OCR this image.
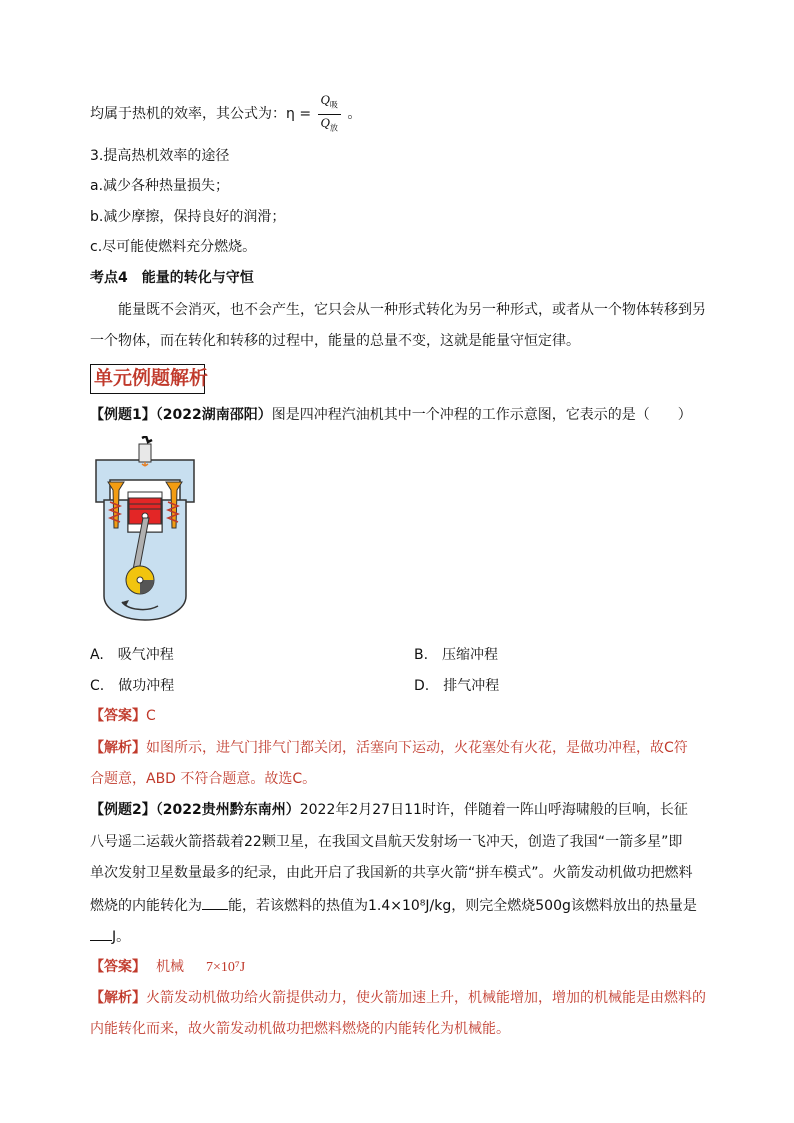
均属于热机的效率，其公式为：$\eta = \frac{Q_吸}{Q_放}$ 。
3.提高热机效率的途径
a.减少各种热量损失；
b.减少摩擦，保持良好的润滑；
c.尽可能使燃料充分燃烧。
考点4　能量的转化与守恒
能量既不会消灭，也不会产生，它只会从一种形式转化为另一种形式，或者从一个物体转移到另
一个物体，而在转化和转移的过程中，能量的总量不变，这就是能量守恒定律。
单元例题解析
【例题1】（2022湖南邵阳）图是四冲程汽油机其中一个冲程的工作示意图，它表示的是（　　）
A.　吸气冲程	B.　压缩冲程
C.　做功冲程	D.　排气冲程
【答案】C
【解析】如图所示，进气门排气门都关闭，活塞向下运动，火花塞处有火花，是做功冲程，故C符
合题意，ABD 不符合题意。故选C。
【例题2】（2022贵州黔东南州）2022年2月27日11时许，伴随着一阵山呼海啸般的巨响，长征
八号遥二运载火箭搭载着22颗卫星，在我国文昌航天发射场一飞冲天，创造了我国“一箭多星”即
单次发射卫星数量最多的纪录，由此开启了我国新的共享火箭“拼车模式”。火箭发动机做功把燃料
燃烧的内能转化为 能，若该燃料的热值为1.4×10⁸J/kg，则完全燃烧500g该燃料放出的热量是
J。
【答案】 机械 7×10⁷J
【解析】火箭发动机做功给火箭提供动力，使火箭加速上升，机械能增加，增加的机械能是由燃料的
内能转化而来，故火箭发动机做功把燃料燃烧的内能转化为机械能。
